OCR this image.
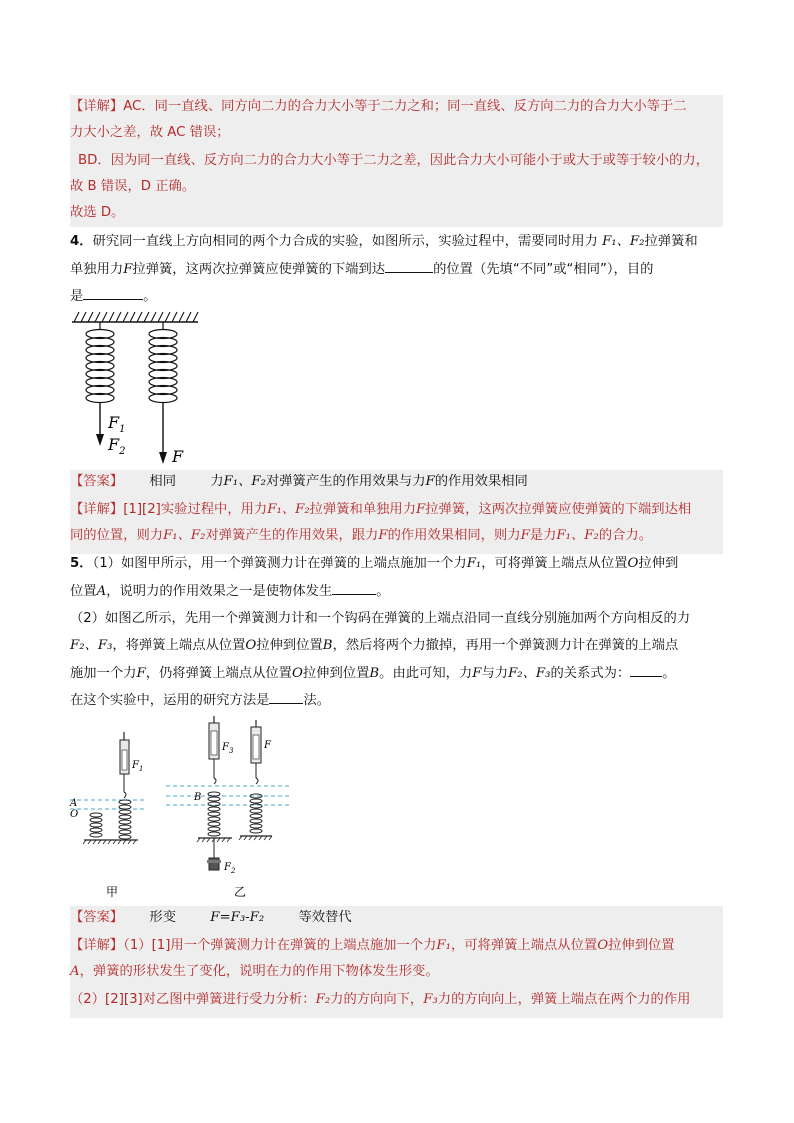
【详解】AC．同一直线、同方向二力的合力大小等于二力之和；同一直线、反方向二力的合力大小等于二
力大小之差，故 AC 错误；
BD．因为同一直线、反方向二力的合力大小等于二力之差，因此合力大小可能小于或大于或等于较小的力，
故 B 错误，D 正确。
故选 D。
4．研究同一直线上方向相同的两个力合成的实验，如图所示，实验过程中，需要同时用力 F₁、F₂拉弹簧和
单独用力F拉弹簧，这两次拉弹簧应使弹簧的下端到达	的位置（先填“不同”或“相同”），目的
是	。
$F_1$
$F_2$	F
【答案】 相同	力F₁、F₂对弹簧产生的作用效果与力F的作用效果相同
【详解】[1][2]实验过程中，用力F₁、F₂拉弹簧和单独用力F拉弹簧，这两次拉弹簧应使弹簧的下端到达相
同的位置，则力F₁、F₂对弹簧产生的作用效果，跟力F的作用效果相同，则力F是力F₁、F₂的合力。
5．（1）如图甲所示，用一个弹簧测力计在弹簧的上端点施加一个力F₁，可将弹簧上端点从位置O拉伸到
位置A，说明力的作用效果之一是使物体发生	。
（2）如图乙所示，先用一个弹簧测力计和一个钩码在弹簧的上端点沿同一直线分别施加两个方向相反的力
F₂、F₃，将弹簧上端点从位置O拉伸到位置B，然后将两个力撤掉，再用一个弹簧测力计在弹簧的上端点
施加一个力F，仍将弹簧上端点从位置O拉伸到位置B。由此可知，力F与力F₂、F₃的关系式为： 。
在这个实验中，运用的研究方法是	法。
$F_1$
A
O
甲
$F_3$	F
B
$F_2$
乙
【答案】 形变	F=F₃-F₂	等效替代
【详解】（1）[1]用一个弹簧测力计在弹簧的上端点施加一个力F₁，可将弹簧上端点从位置O拉伸到位置
A，弹簧的形状发生了变化，说明在力的作用下物体发生形变。
（2）[2][3]对乙图中弹簧进行受力分析：F₂力的方向向下，F₃力的方向向上，弹簧上端点在两个力的作用
